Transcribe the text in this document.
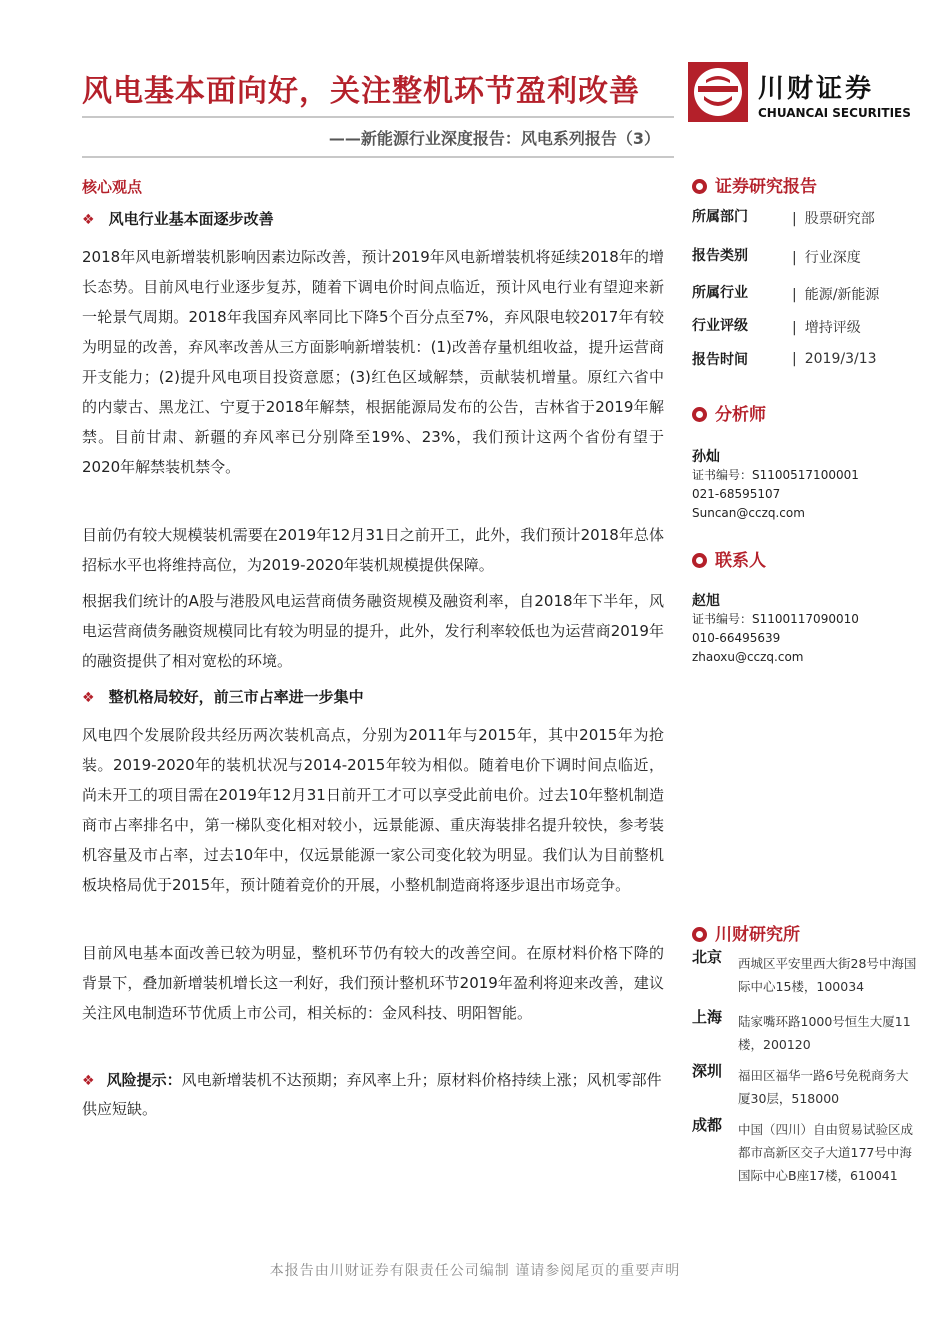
风电基本面向好，关注整机环节盈利改善
——新能源行业深度报告：风电系列报告（3）
川财证券
CHUANCAI SECURITIES
核心观点
❖ 风电行业基本面逐步改善
2018年风电新增装机影响因素边际改善，预计2019年风电新增装机将延续2018年的增长态势。目前风电行业逐步复苏，随着下调电价时间点临近，预计风电行业有望迎来新一轮景气周期。2018年我国弃风率同比下降5个百分点至7%，弃风限电较2017年有较为明显的改善，弃风率改善从三方面影响新增装机：(1)改善存量机组收益，提升运营商开支能力；(2)提升风电项目投资意愿；(3)红色区域解禁，贡献装机增量。原红六省中的内蒙古、黑龙江、宁夏于2018年解禁，根据能源局发布的公告，吉林省于2019年解禁。目前甘肃、新疆的弃风率已分别降至19%、23%，我们预计这两个省份有望于2020年解禁装机禁令。
目前仍有较大规模装机需要在2019年12月31日之前开工，此外，我们预计2018年总体招标水平也将维持高位，为2019-2020年装机规模提供保障。
根据我们统计的A股与港股风电运营商债务融资规模及融资利率，自2018年下半年，风电运营商债务融资规模同比有较为明显的提升，此外，发行利率较低也为运营商2019年的融资提供了相对宽松的环境。
❖ 整机格局较好，前三市占率进一步集中
风电四个发展阶段共经历两次装机高点，分别为2011年与2015年，其中2015年为抢装。2019-2020年的装机状况与2014-2015年较为相似。随着电价下调时间点临近，尚未开工的项目需在2019年12月31日前开工才可以享受此前电价。过去10年整机制造商市占率排名中，第一梯队变化相对较小，远景能源、重庆海装排名提升较快，参考装机容量及市占率，过去10年中，仅远景能源一家公司变化较为明显。我们认为目前整机板块格局优于2015年，预计随着竞价的开展，小整机制造商将逐步退出市场竞争。
目前风电基本面改善已较为明显，整机环节仍有较大的改善空间。在原材料价格下降的背景下，叠加新增装机增长这一利好，我们预计整机环节2019年盈利将迎来改善，建议关注风电制造环节优质上市公司，相关标的：金风科技、明阳智能。
❖ 风险提示：风电新增装机不达预期；弃风率上升；原材料价格持续上涨；风机零部件供应短缺。
证券研究报告
所属部门	| 股票研究部
报告类别	| 行业深度
所属行业	| 能源/新能源
行业评级	| 增持评级
报告时间	| 2019/3/13
分析师
孙灿
证书编号：S1100517100001
021-68595107
Suncan@cczq.com
联系人
赵旭
证书编号：S1100117090010
010-66495639
zhaoxu@cczq.com
川财研究所
北京 西城区平安里西大街28号中海国际中心15楼，100034
上海 陆家嘴环路1000号恒生大厦11楼，200120
深圳 福田区福华一路6号免税商务大厦30层，518000
成都 中国（四川）自由贸易试验区成都市高新区交子大道177号中海国际中心B座17楼，610041
本报告由川财证券有限责任公司编制 谨请参阅尾页的重要声明
